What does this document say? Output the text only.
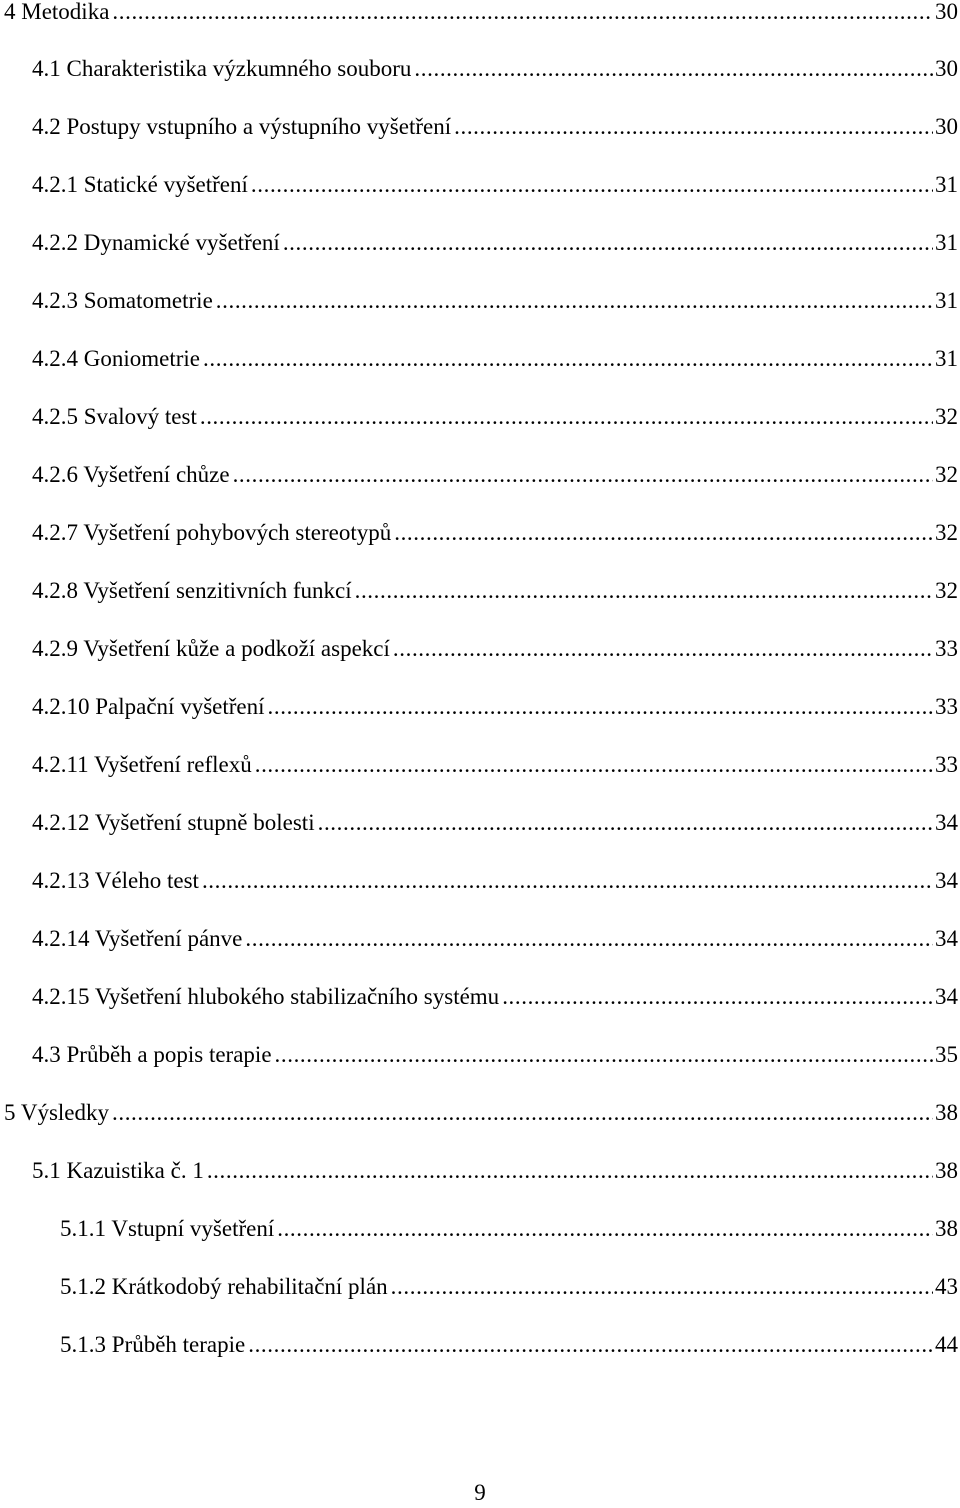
4 Metodika .....	30
4.1 Charakteristika výzkumného souboru .....	30
4.2 Postupy vstupního a výstupního vyšetření .....	30
4.2.1 Statické vyšetření .....	31
4.2.2 Dynamické vyšetření .....	31
4.2.3 Somatometrie .....	31
4.2.4 Goniometrie .....	31
4.2.5 Svalový test .....	32
4.2.6 Vyšetření chůze .....	32
4.2.7 Vyšetření pohybových stereotypů .....	32
4.2.8 Vyšetření senzitivních funkcí .....	32
4.2.9 Vyšetření kůže a podkoží aspekcí .....	33
4.2.10 Palpační vyšetření .....	33
4.2.11 Vyšetření reflexů .....	33
4.2.12 Vyšetření stupně bolesti .....	34
4.2.13 Véleho test .....	34
4.2.14 Vyšetření pánve .....	34
4.2.15 Vyšetření hlubokého stabilizačního systému .....	34
4.3 Průběh a popis terapie .....	35
5 Výsledky .....	38
5.1 Kazuistika č. 1 .....	38
5.1.1 Vstupní vyšetření .....	38
5.1.2 Krátkodobý rehabilitační plán .....	43
5.1.3 Průběh terapie .....	44
9
